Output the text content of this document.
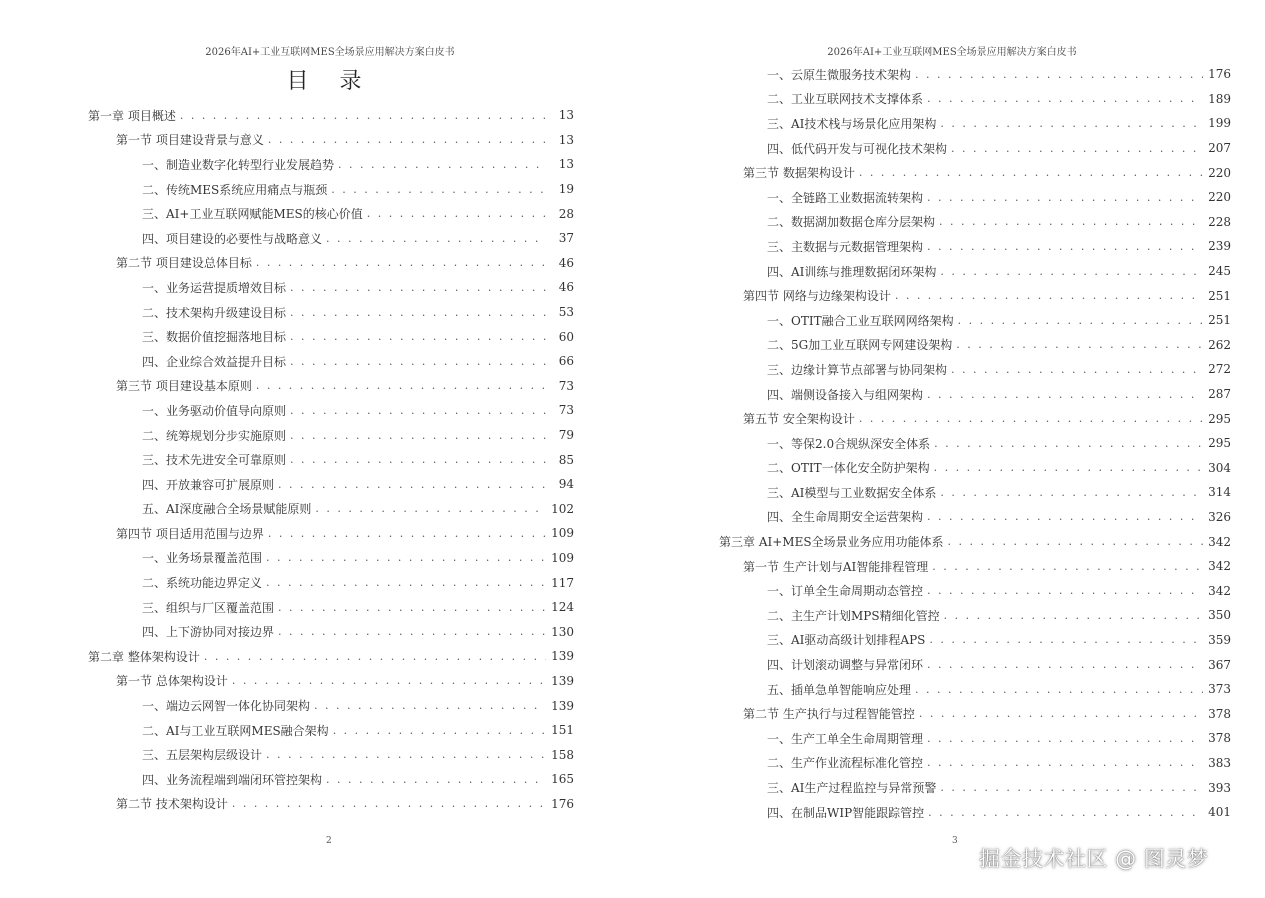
2026年AI+工业互联网MES全场景应用解决方案白皮书
目 录
第一章 项目概述 . . .	13
第一节 项目建设背景与意义 . . .	13
一、制造业数字化转型行业发展趋势 . . .	13
二、传统MES系统应用痛点与瓶颈 . . .	19
三、AI+工业互联网赋能MES的核心价值 . . .	28
四、项目建设的必要性与战略意义 . . .	37
第二节 项目建设总体目标 . . .	46
一、业务运营提质增效目标 . . .	46
二、技术架构升级建设目标 . . .	53
三、数据价值挖掘落地目标 . . .	60
四、企业综合效益提升目标 . . .	66
第三节 项目建设基本原则 . . .	73
一、业务驱动价值导向原则 . . .	73
二、统筹规划分步实施原则 . . .	79
三、技术先进安全可靠原则 . . .	85
四、开放兼容可扩展原则 . . .	94
五、AI深度融合全场景赋能原则 . . .	102
第四节 项目适用范围与边界 . . .	109
一、业务场景覆盖范围 . . .	109
二、系统功能边界定义 . . .	117
三、组织与厂区覆盖范围 . . .	124
四、上下游协同对接边界 . . .	130
第二章 整体架构设计 . . .	139
第一节 总体架构设计 . . .	139
一、端边云网智一体化协同架构 . . .	139
二、AI与工业互联网MES融合架构 . . .	151
三、五层架构层级设计 . . .	158
四、业务流程端到端闭环管控架构 . . .	165
第二节 技术架构设计 . . .	176
2
2026年AI+工业互联网MES全场景应用解决方案白皮书
一、云原生微服务技术架构 . . .	176
二、工业互联网技术支撑体系 . . .	189
三、AI技术栈与场景化应用架构 . . .	199
四、低代码开发与可视化技术架构 . . .	207
第三节 数据架构设计 . . .	220
一、全链路工业数据流转架构 . . .	220
二、数据湖加数据仓库分层架构 . . .	228
三、主数据与元数据管理架构 . . .	239
四、AI训练与推理数据闭环架构 . . .	245
第四节 网络与边缘架构设计 . . .	251
一、OTIT融合工业互联网网络架构 . . .	251
二、5G加工业互联网专网建设架构 . . .	262
三、边缘计算节点部署与协同架构 . . .	272
四、端侧设备接入与组网架构 . . .	287
第五节 安全架构设计 . . .	295
一、等保2.0合规纵深安全体系 . . .	295
二、OTIT一体化安全防护架构 . . .	304
三、AI模型与工业数据安全体系 . . .	314
四、全生命周期安全运营架构 . . .	326
第三章 AI+MES全场景业务应用功能体系 . . .	342
第一节 生产计划与AI智能排程管理 . . .	342
一、订单全生命周期动态管控 . . .	342
二、主生产计划MPS精细化管控 . . .	350
三、AI驱动高级计划排程APS . . .	359
四、计划滚动调整与异常闭环 . . .	367
五、插单急单智能响应处理 . . .	373
第二节 生产执行与过程智能管控 . . .	378
一、生产工单全生命周期管理 . . .	378
二、生产作业流程标准化管控 . . .	383
三、AI生产过程监控与异常预警 . . .	393
四、在制品WIP智能跟踪管控 . . .	401
3
掘金技术社区 @ 图灵梦
